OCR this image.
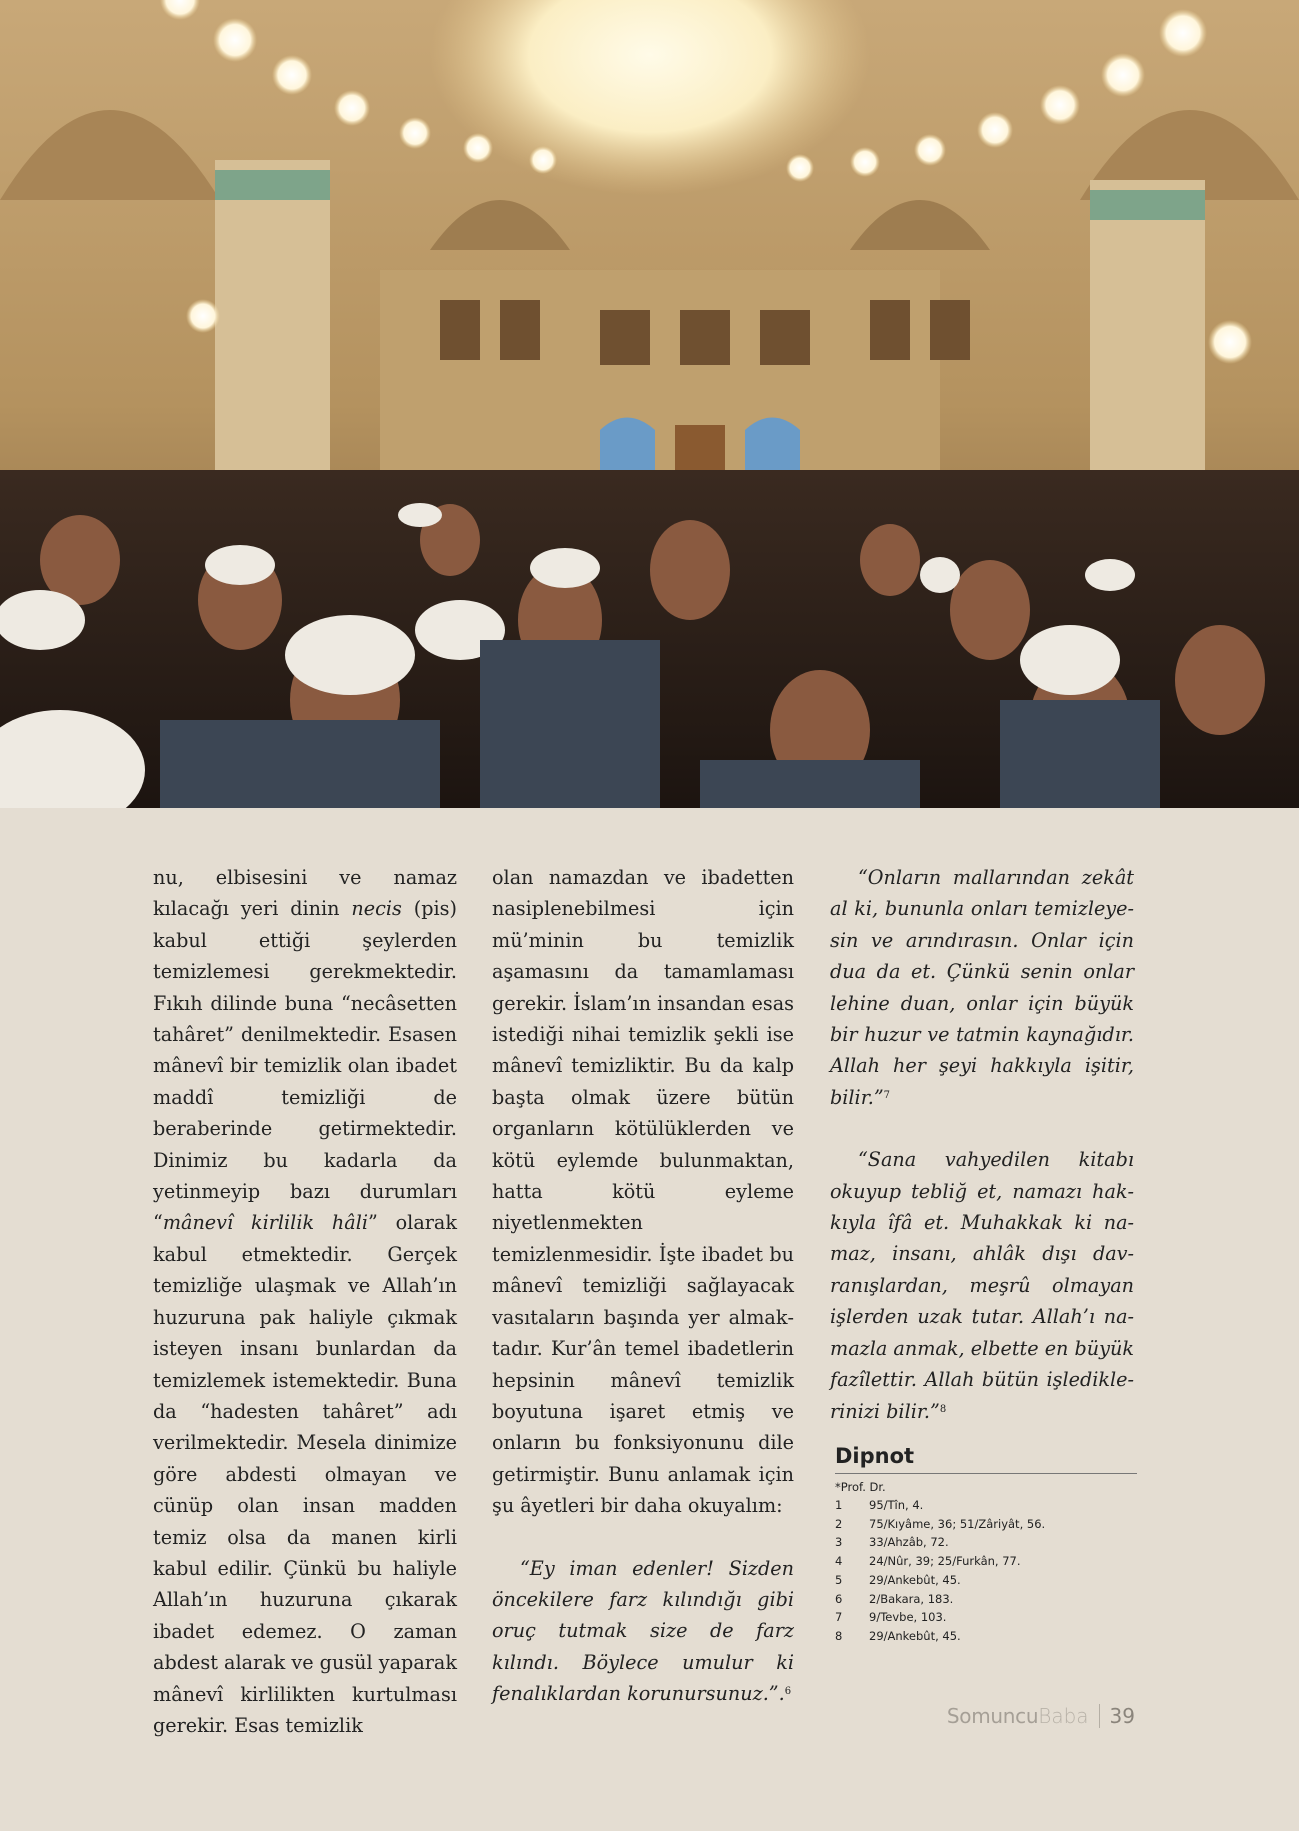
nu, elbisesini ve namaz kılacağı yeri dinin necis (pis) kabul ettiği şeylerden temizlemesi gerekmektedir. Fıkıh dilinde buna “necâsetten tahâret” denilmektedir. Esasen mânevî bir temizlik olan ibadet maddî temizliği de beraberinde getirmektedir. Dinimiz bu kadarla da yetinmeyip bazı durumları “mânevî kirlilik hâli” olarak kabul etmektedir. Gerçek temizliğe ulaşmak ve Allah’ın huzuruna pak haliyle çıkmak isteyen insanı bunlardan da temizlemek istemektedir. Buna da “hadesten tahâret” adı verilmektedir. Mesela dinimize göre abdesti olmayan ve cünüp olan insan madden temiz olsa da manen kirli kabul edilir. Çünkü bu haliyle Allah’ın huzuruna çıkarak ibadet edemez. O zaman abdest alarak ve gusül yaparak mânevî kirlilikten kurtulması gerekir. Esas temizlik

olan namazdan ve ibadetten nasiplenebilmesi için mü’minin bu temizlik aşamasını da tamamlaması gerekir. İslam’ın insandan esas istediği nihai temizlik şekli ise mânevî temizliktir. Bu da kalp başta olmak üzere bütün organların kötülüklerden ve kötü eylemde bulunmaktan, hatta kötü eyleme niyetlenmekten temizlenmesidir. İşte ibadet bu mânevî temizliği sağlayacak vasıtaların başında yer almaktadır. Kur’ân temel ibadetlerin hepsinin mânevî temizlik boyutuna işaret etmiş ve onların bu fonksiyonunu dile getirmiştir. Bunu anlamak için şu âyetleri bir daha okuyalım:

“Ey iman edenler! Sizden öncekilere farz kılındığı gibi oruç tutmak size de farz kılındı. Böylece umulur ki fenalıklardan korunursunuz.”.$^6$

“Onların mallarından zekât al ki, bununla onları temizleyesin ve arındırasın. Onlar için dua da et. Çünkü senin onlar lehine duan, onlar için büyük bir huzur ve tatmin kaynağıdır. Allah her şeyi hakkıyla işitir, bilir.”$^7$

“Sana vahyedilen kitabı okuyup tebliğ et, namazı hakkıyla îfâ et. Muhakkak ki namaz, insanı, ahlâk dışı davranışlardan, meşrû olmayan işlerden uzak tutar. Allah’ı namazla anmak, elbette en büyük fazîlettir. Allah bütün işlediklerinizi bilir.”$^8$

Dipnot
*Prof. Dr.
1	95/Tîn, 4.
2	75/Kıyâme, 36; 51/Zâriyât, 56.
3	33/Ahzâb, 72.
4	24/Nûr, 39; 25/Furkân, 77.
5	29/Ankebût, 45.
6	2/Bakara, 183.
7	9/Tevbe, 103.
8	29/Ankebût, 45.
Somuncu Baba 39
